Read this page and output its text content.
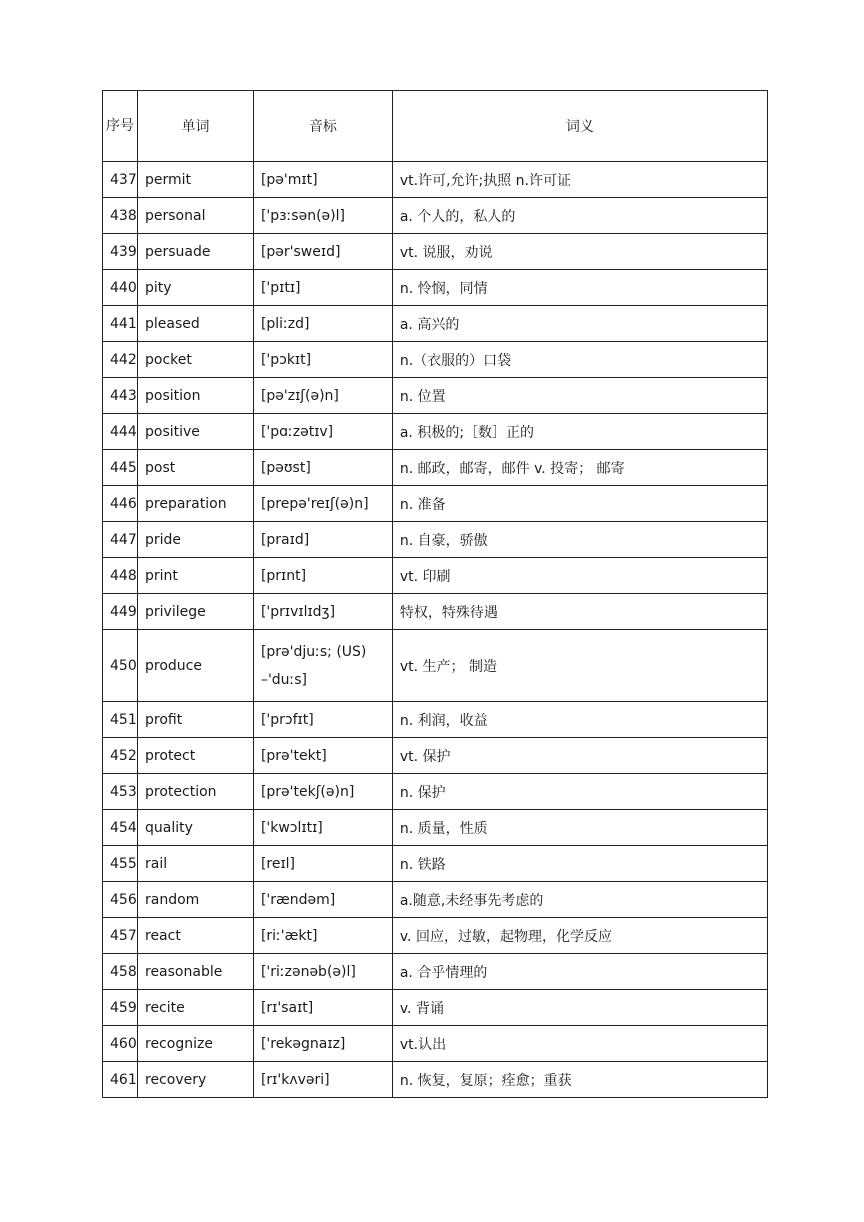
序号	单词	音标	词义
437	permit	[pə'mɪt]	vt.许可,允许;执照 n.许可证
438	personal	['pɜːsən(ə)l]	a. 个人的，私人的
439	persuade	[pər'sweɪd]	vt. 说服，劝说
440	pity	['pɪtɪ]	n. 怜悯，同情
441	pleased	[pliːzd]	a. 高兴的
442	pocket	['pɔkɪt]	n.（衣服的）口袋
443	position	[pə'zɪʃ(ə)n]	n. 位置
444	positive	['pɑːzətɪv]	a. 积极的;［数］正的
445	post	[pəʊst]	n. 邮政，邮寄，邮件 v. 投寄； 邮寄
446	preparation	[prepə'reɪʃ(ə)n]	n. 准备
447	pride	[praɪd]	n. 自豪，骄傲
448	print	[prɪnt]	vt. 印刷
449	privilege	['prɪvɪlɪdʒ]	特权，特殊待遇
450	produce	[prə'djuːs; (US) –'duːs]	vt. 生产； 制造
451	profit	['prɔfɪt]	n. 利润，收益
452	protect	[prə'tekt]	vt. 保护
453	protection	[prə'tekʃ(ə)n]	n. 保护
454	quality	['kwɔlɪtɪ]	n. 质量，性质
455	rail	[reɪl]	n. 铁路
456	random	['rændəm]	a.随意,未经事先考虑的
457	react	[riː'ækt]	v. 回应，过敏，起物理，化学反应
458	reasonable	['riːzənəb(ə)l]	a. 合乎情理的
459	recite	[rɪ'saɪt]	v. 背诵
460	recognize	['rekəgnaɪz]	vt.认出
461	recovery	[rɪ'kʌvəri]	n. 恢复，复原；痊愈；重获
